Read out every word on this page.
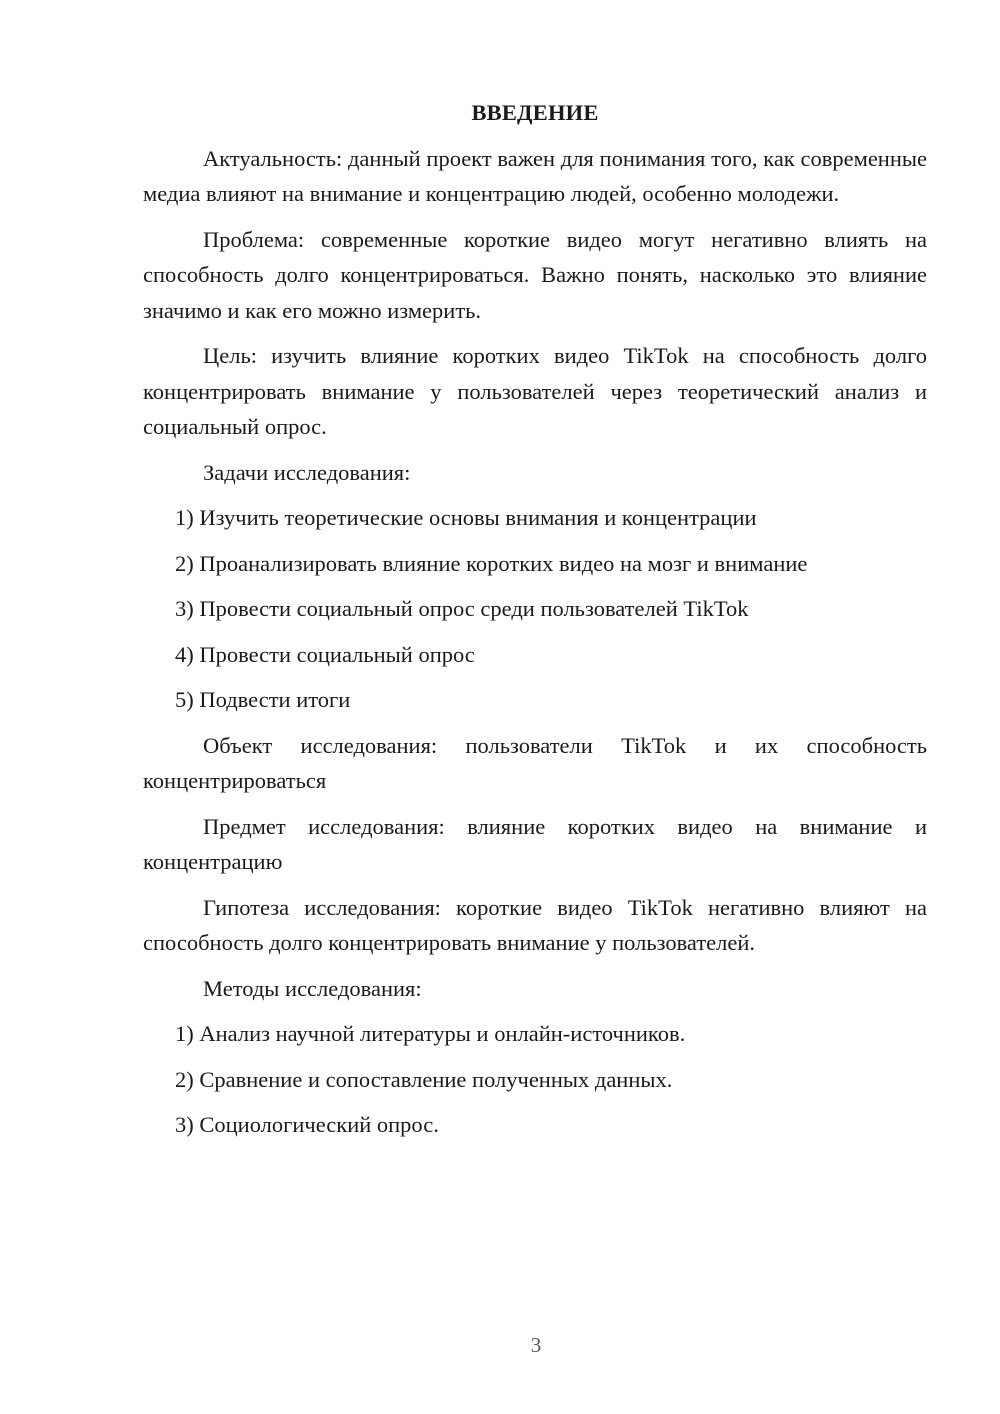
ВВЕДЕНИЕ
Актуальность: данный проект важен для понимания того, как современные медиа влияют на внимание и концентрацию людей, особенно молодежи.
Проблема: современные короткие видео могут негативно влиять на способность долго концентрироваться. Важно понять, насколько это влияние значимо и как его можно измерить.
Цель: изучить влияние коротких видео TikTok на способность долго концентрировать внимание у пользователей через теоретический анализ и социальный опрос.
Задачи исследования:
1) Изучить теоретические основы внимания и концентрации
2) Проанализировать влияние коротких видео на мозг и внимание
3) Провести социальный опрос среди пользователей TikTok
4) Провести социальный опрос
5) Подвести итоги
Объект исследования: пользователи TikTok и их способность концентрироваться
Предмет исследования: влияние коротких видео на внимание и концентрацию
Гипотеза исследования: короткие видео TikTok негативно влияют на способность долго концентрировать внимание у пользователей.
Методы исследования:
1) Анализ научной литературы и онлайн-источников.
2) Сравнение и сопоставление полученных данных.
3) Социологический опрос.
3
